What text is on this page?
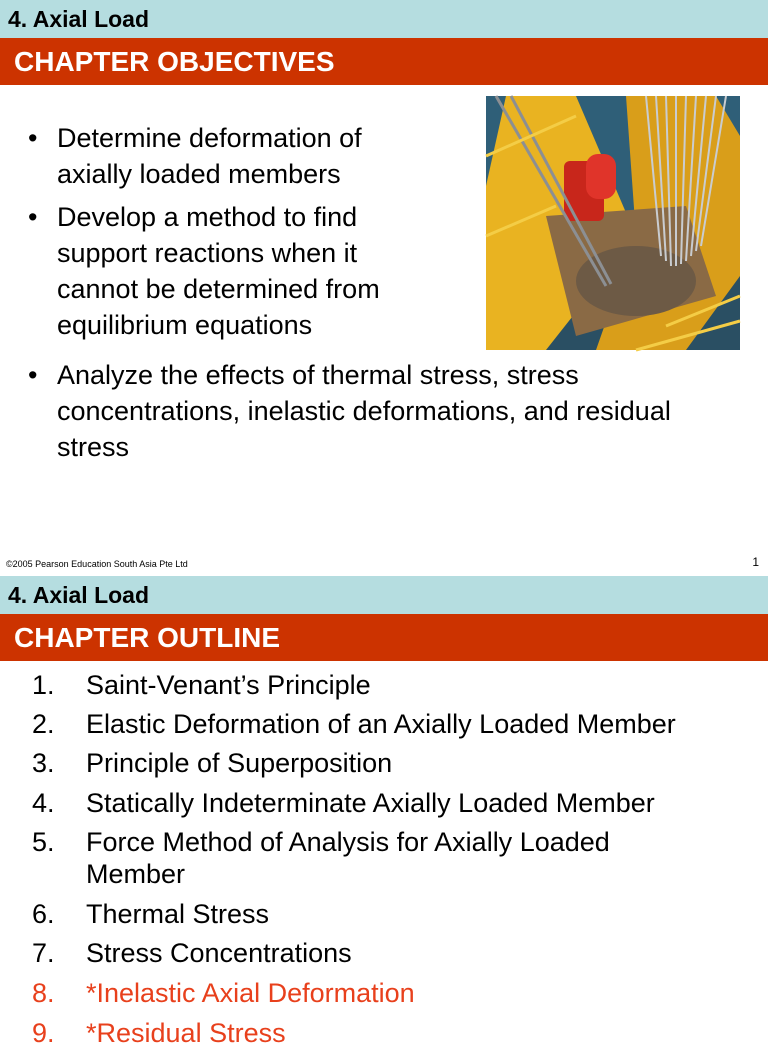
4. Axial Load
CHAPTER OBJECTIVES
• Determine deformation of
axially loaded members
• Develop a method to find
support reactions when it
cannot be determined from
equilibrium equations
• Analyze the effects of thermal stress, stress
concentrations, inelastic deformations, and residual
stress
©2005 Pearson Education South Asia Pte Ltd	1
4. Axial Load
CHAPTER OUTLINE
1. Saint-Venant’s Principle
2. Elastic Deformation of an Axially Loaded Member
3. Principle of Superposition
4. Statically Indeterminate Axially Loaded Member
5. Force Method of Analysis for Axially Loaded
Member
6. Thermal Stress
7. Stress Concentrations
8. *Inelastic Axial Deformation
9. *Residual Stress
